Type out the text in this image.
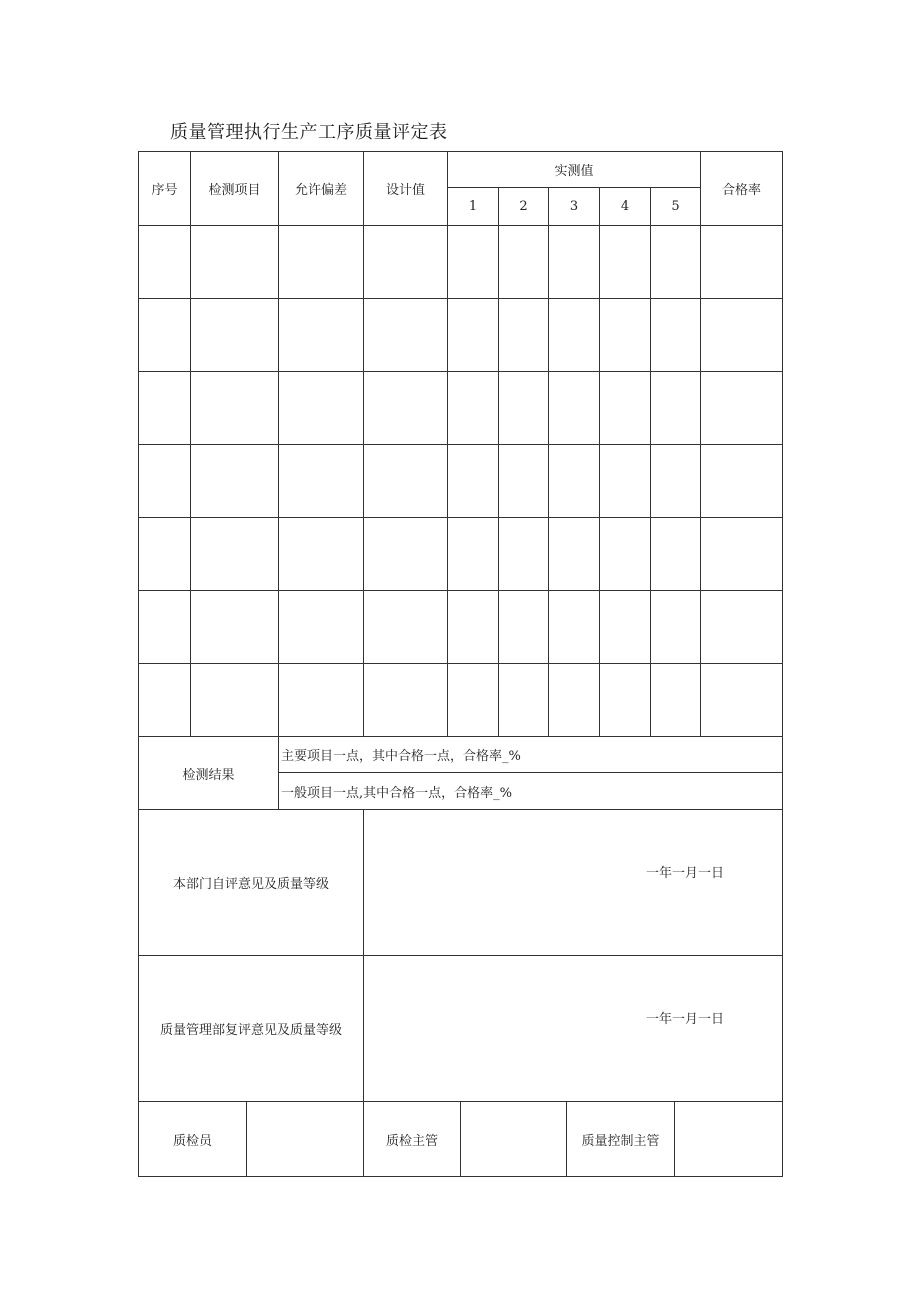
质量管理执行生产工序质量评定表
序号	检测项目	允许偏差	设计值	实测值					合格率
				1	2	3	4	5	

检测结果		主要项目一点，其中合格一点，合格率_%							
		一般项目一点,其中合格一点，合格率_%							
本部门自评意见及质量等级			一年一月一日						

质量管理部复评意见及质量等级			一年一月一日						
质检员		质检主管		质量控制主管	
